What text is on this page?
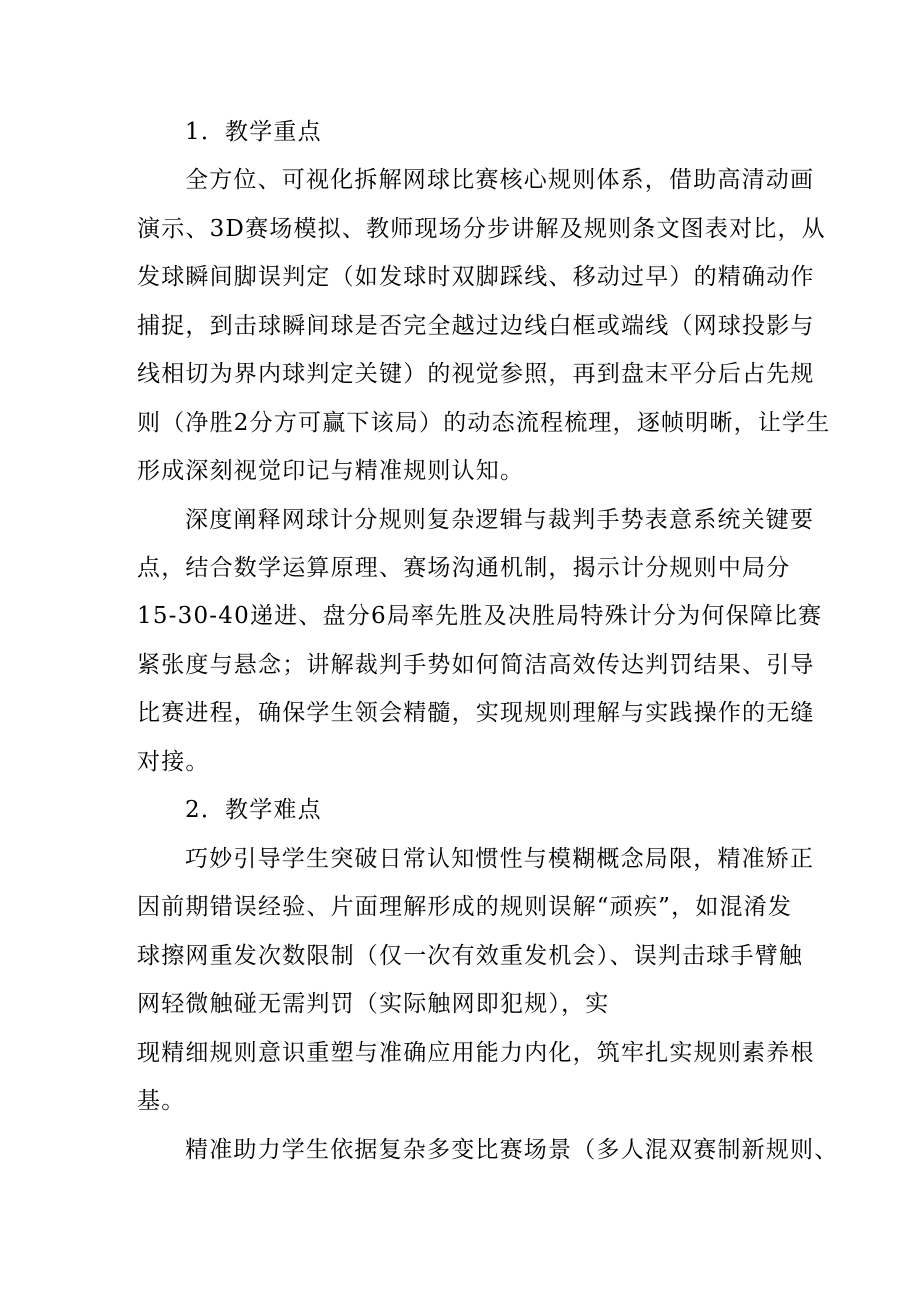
1．教学重点
全方位、可视化拆解网球比赛核心规则体系，借助高清动画
演示、3D赛场模拟、教师现场分步讲解及规则条文图表对比，从
发球瞬间脚误判定（如发球时双脚踩线、移动过早）的精确动作
捕捉，到击球瞬间球是否完全越过边线白框或端线（网球投影与
线相切为界内球判定关键）的视觉参照，再到盘末平分后占先规
则（净胜2分方可赢下该局）的动态流程梳理，逐帧明晰，让学生
形成深刻视觉印记与精准规则认知。
深度阐释网球计分规则复杂逻辑与裁判手势表意系统关键要
点，结合数学运算原理、赛场沟通机制，揭示计分规则中局分
15-30-40递进、盘分6局率先胜及决胜局特殊计分为何保障比赛
紧张度与悬念；讲解裁判手势如何简洁高效传达判罚结果、引导
比赛进程，确保学生领会精髓，实现规则理解与实践操作的无缝
对接。
2．教学难点
巧妙引导学生突破日常认知惯性与模糊概念局限，精准矫正
因前期错误经验、片面理解形成的规则误解“顽疾”，如混淆发
球擦网重发次数限制（仅一次有效重发机会）、误判击球手臂触
网轻微触碰无需判罚（实际触网即犯规），实
现精细规则意识重塑与准确应用能力内化，筑牢扎实规则素养根
基。
精准助力学生依据复杂多变比赛场景（多人混双赛制新规则、
